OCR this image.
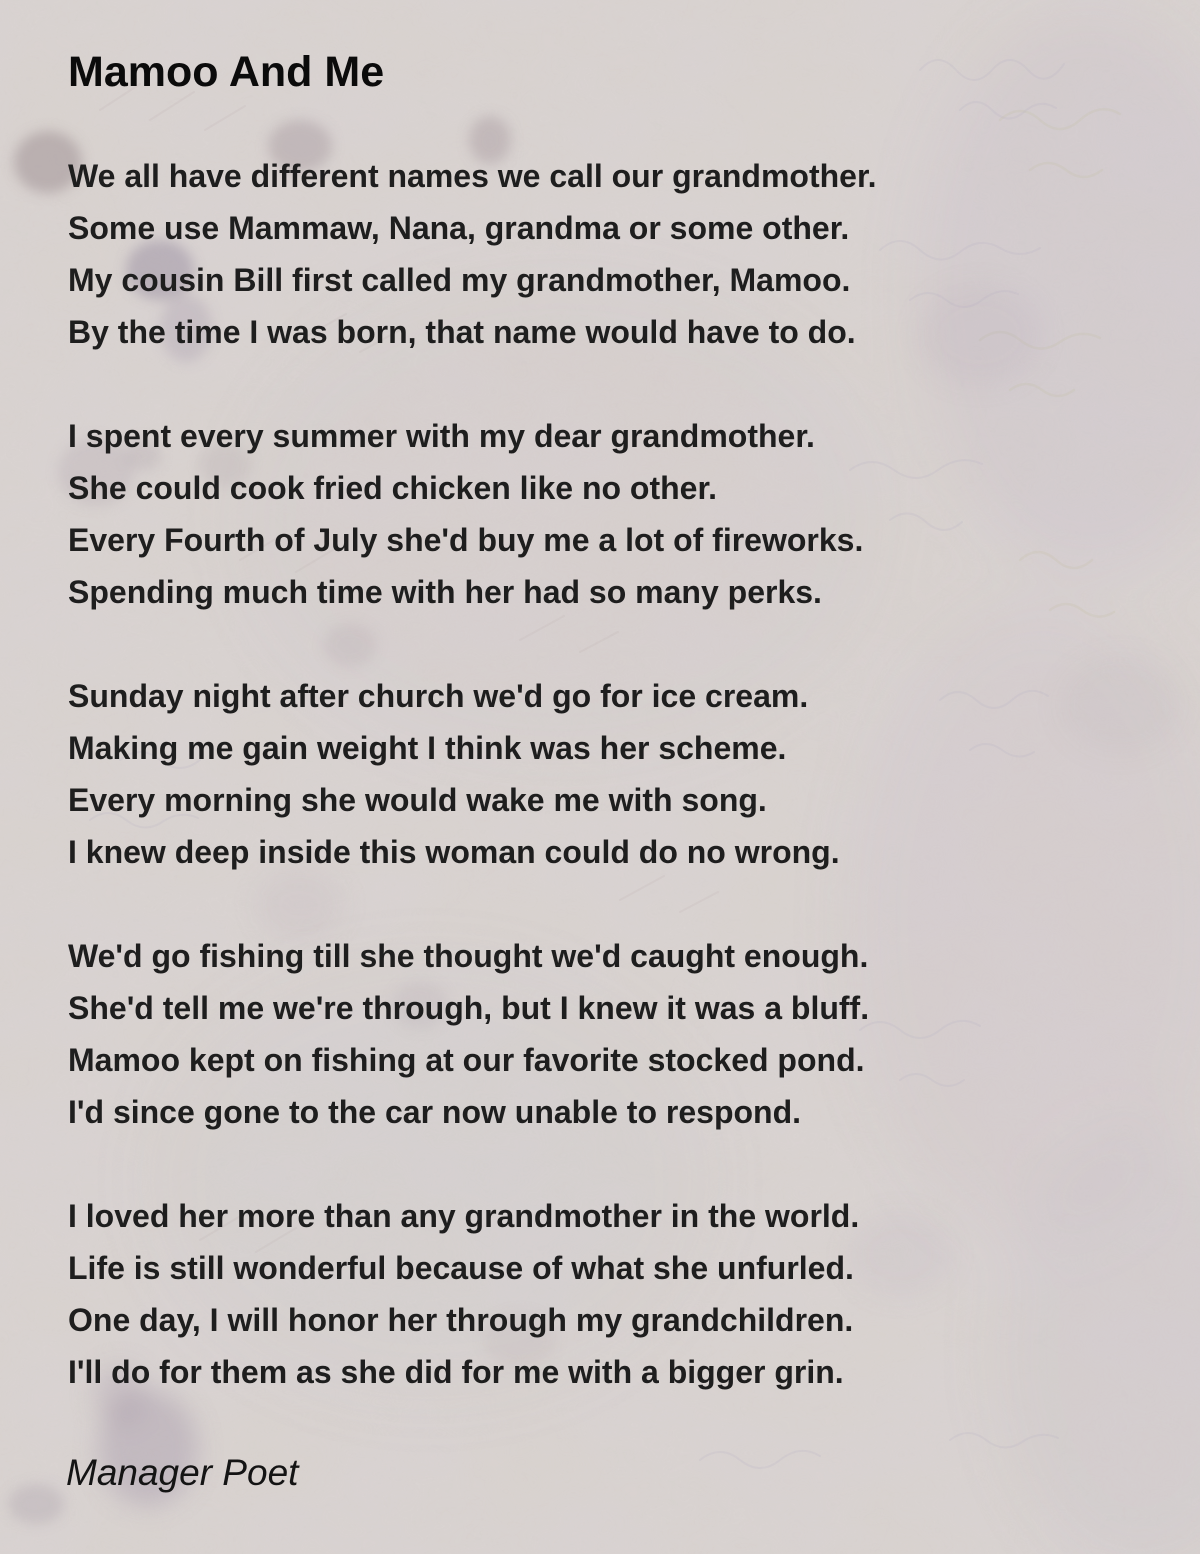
Mamoo And Me
We all have different names we call our grandmother.
Some use Mammaw, Nana, grandma or some other.
My cousin Bill first called my grandmother, Mamoo.
By the time I was born, that name would have to do.
I spent every summer with my dear grandmother.
She could cook fried chicken like no other.
Every Fourth of July she'd buy me a lot of fireworks.
Spending much time with her had so many perks.
Sunday night after church we'd go for ice cream.
Making me gain weight I think was her scheme.
Every morning she would wake me with song.
I knew deep inside this woman could do no wrong.
We'd go fishing till she thought we'd caught enough.
She'd tell me we're through, but I knew it was a bluff.
Mamoo kept on fishing at our favorite stocked pond.
I'd since gone to the car now unable to respond.
I loved her more than any grandmother in the world.
Life is still wonderful because of what she unfurled.
One day, I will honor her through my grandchildren.
I'll do for them as she did for me with a bigger grin.

Manager Poet
